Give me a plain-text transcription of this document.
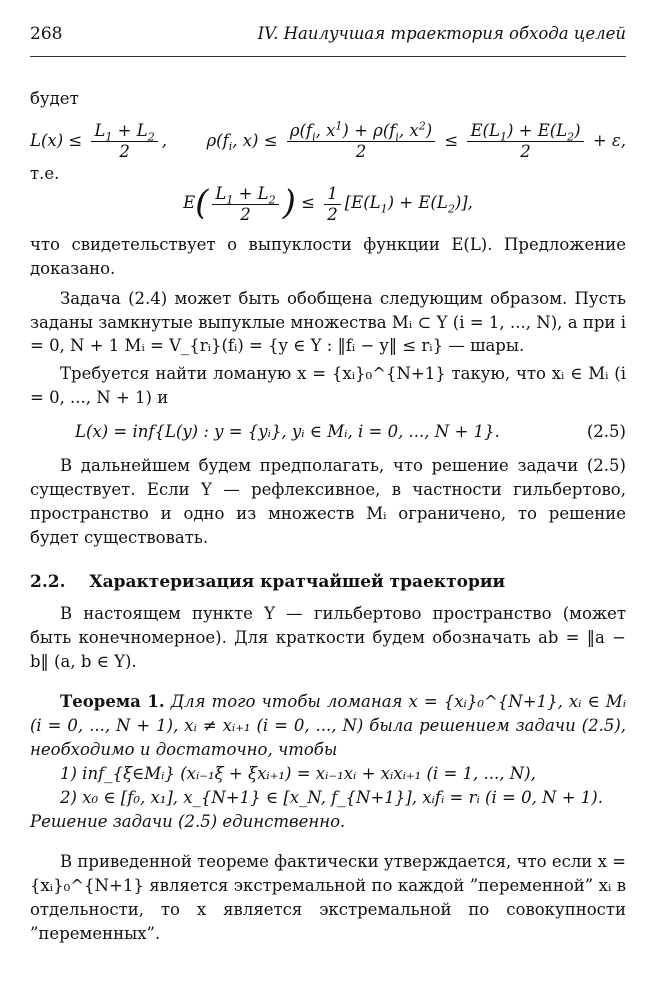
268	IV. Наилучшая траектория обхода целей

будет

$L(x) \le \frac{L_1 + L_2}{2}$ , $\rho(f_i$, $x) \le \frac{\rho(f_i, x^1) + \rho(f_i, x^2)}{2} \le \frac{E(L_1) + E(L_2)}{2} + \varepsilon$,

т.е.

$E( \frac{L_1 + L_2}{2}$ ) ≤ $\frac{1}{2} [E(L_1) + E(L_2)]$,

что свидетельствует о выпуклости функции E(L). Предложение доказано.

Задача (2.4) может быть обобщена следующим образом. Пусть заданы замкнутые выпуклые множества Mᵢ ⊂ Y (i = 1, ..., N), а при i = 0, N + 1 Mᵢ = V_{rᵢ}(fᵢ) = {y ∈ Y : ‖fᵢ − y‖ ≤ rᵢ} — шары.

Требуется найти ломаную x = {xᵢ}₀^{N+1} такую, что xᵢ ∈ Mᵢ (i = 0, ..., N + 1) и

L(x) = inf{L(y) : y = {yᵢ}, yᵢ ∈ Mᵢ, i = 0, ..., N + 1}.	(2.5)

В дальнейшем будем предполагать, что решение задачи (2.5) существует. Если Y — рефлексивное, в частности гильбертово, пространство и одно из множеств Mᵢ ограничено, то решение будет существовать.

2.2. Характеризация кратчайшей траектории

В настоящем пункте Y — гильбертово пространство (может быть конечномерное). Для краткости будем обозначать ab = ‖a − b‖ (a, b ∈ Y).

Теорема 1. Для того чтобы ломаная x = {xᵢ}₀^{N+1}, xᵢ ∈ Mᵢ (i = 0, ..., N + 1), xᵢ ≠ xᵢ₊₁ (i = 0, ..., N) была решением задачи (2.5), необходимо и достаточно, чтобы

1) inf_{ξ∈Mᵢ} (xᵢ₋₁ξ + ξxᵢ₊₁) = xᵢ₋₁xᵢ + xᵢxᵢ₊₁ (i = 1, ..., N),

2) x₀ ∈ [f₀, x₁], x_{N+1} ∈ [x_N, f_{N+1}], xᵢfᵢ = rᵢ (i = 0, N + 1).

Решение задачи (2.5) единственно.

В приведенной теореме фактически утверждается, что если x = {xᵢ}₀^{N+1} является экстремальной по каждой ”переменной” xᵢ в отдельности, то x является экстремальной по совокупности ”переменных”.
